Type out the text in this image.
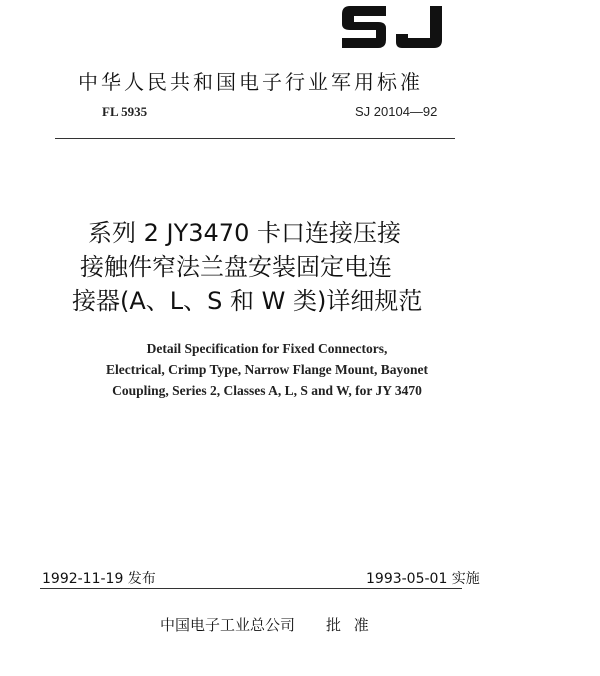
中华人民共和国电子行业军用标准
FL 5935	SJ 20104—92
系列 2 JY3470 卡口连接压接
接触件窄法兰盘安装固定电连
接器(A、L、S 和 W 类)详细规范
Detail Specification for Fixed Connectors,
Electrical, Crimp Type, Narrow Flange Mount, Bayonet
Coupling, Series 2, Classes A, L, S and W, for JY 3470
1992-11-19 发布	1993-05-01 实施
中国电子工业总公司 批 准
